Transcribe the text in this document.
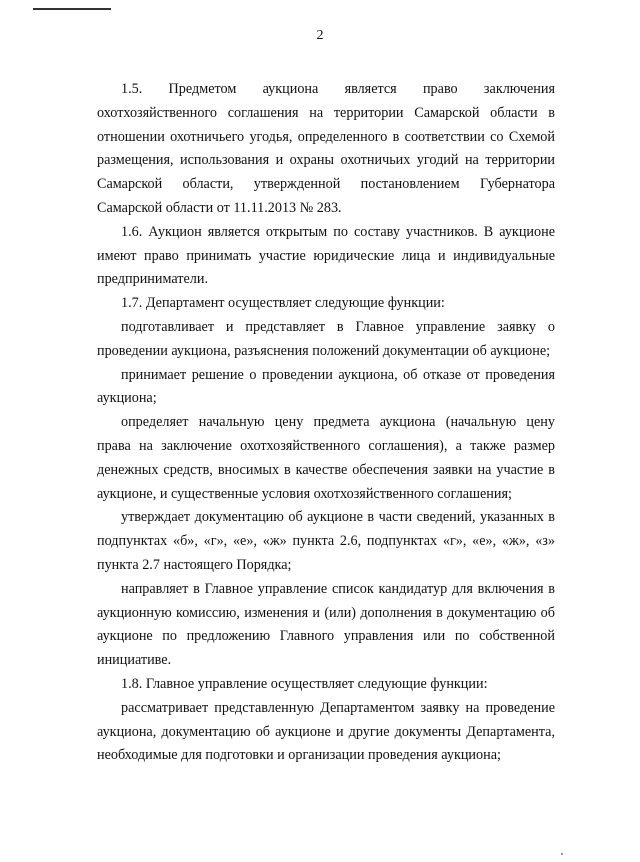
2

1.5. Предметом аукциона является право заключения
охотхозяйственного соглашения на территории Самарской области в
отношении охотничьего угодья, определенного в соответствии со Схемой
размещения, использования и охраны охотничьих угодий на территории
Самарской области, утвержденной постановлением Губернатора
Самарской области от 11.11.2013 № 283.

1.6. Аукцион является открытым по составу участников. В аукционе
имеют право принимать участие юридические лица и индивидуальные
предприниматели.

1.7. Департамент осуществляет следующие функции:

подготавливает и представляет в Главное управление заявку о
проведении аукциона, разъяснения положений документации об аукционе;

принимает решение о проведении аукциона, об отказе от проведения
аукциона;

определяет начальную цену предмета аукциона (начальную цену
права на заключение охотхозяйственного соглашения), а также размер
денежных средств, вносимых в качестве обеспечения заявки на участие в
аукционе, и существенные условия охотхозяйственного соглашения;

утверждает документацию об аукционе в части сведений, указанных в
подпунктах «б», «г», «е», «ж» пункта 2.6, подпунктах «г», «е», «ж», «з»
пункта 2.7 настоящего Порядка;

направляет в Главное управление список кандидатур для включения в
аукционную комиссию, изменения и (или) дополнения в документацию об
аукционе по предложению Главного управления или по собственной
инициативе.

1.8. Главное управление осуществляет следующие функции:

рассматривает представленную Департаментом заявку на проведение
аукциона, документацию об аукционе и другие документы Департамента,
необходимые для подготовки и организации проведения аукциона;
